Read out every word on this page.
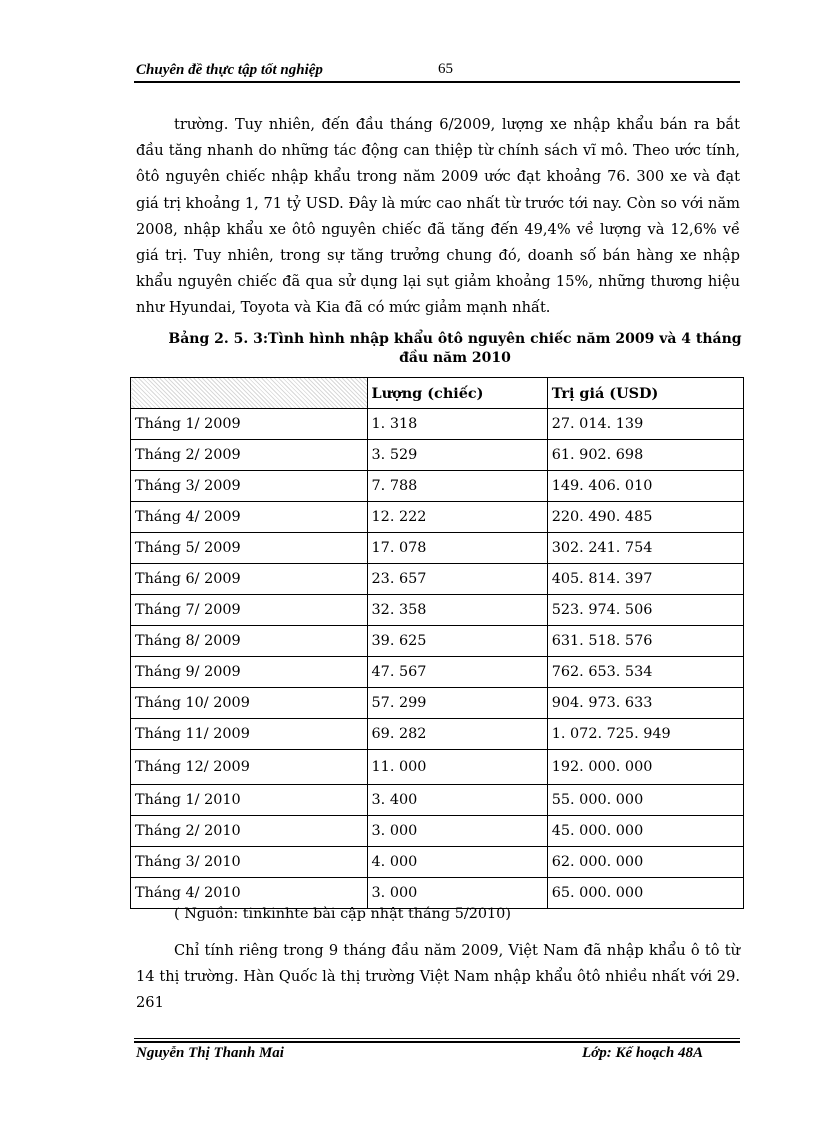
Chuyên đề thực tập tốt nghiệp	65
trường. Tuy nhiên, đến đầu tháng 6/2009, lượng xe nhập khẩu bán ra bắt đầu tăng nhanh do những tác động can thiệp từ chính sách vĩ mô. Theo ước tính, ôtô nguyên chiếc nhập khẩu trong năm 2009 ước đạt khoảng 76. 300 xe và đạt giá trị khoảng 1, 71 tỷ USD. Đây là mức cao nhất từ trước tới nay. Còn so với năm 2008, nhập khẩu xe ôtô nguyên chiếc đã tăng đến 49,4% về lượng và 12,6% về giá trị. Tuy nhiên, trong sự tăng trưởng chung đó, doanh số bán hàng xe nhập khẩu nguyên chiếc đã qua sử dụng lại sụt giảm khoảng 15%, những thương hiệu như Hyundai, Toyota và Kia đã có mức giảm mạnh nhất.
Bảng 2. 5. 3:Tình hình nhập khẩu ôtô nguyên chiếc năm 2009 và 4 tháng đầu năm 2010
	Lượng (chiếc)	Trị giá (USD)
Tháng 1/ 2009	1. 318	27. 014. 139
Tháng 2/ 2009	3. 529	61. 902. 698
Tháng 3/ 2009	7. 788	149. 406. 010
Tháng 4/ 2009	12. 222	220. 490. 485
Tháng 5/ 2009	17. 078	302. 241. 754
Tháng 6/ 2009	23. 657	405. 814. 397
Tháng 7/ 2009	32. 358	523. 974. 506
Tháng 8/ 2009	39. 625	631. 518. 576
Tháng 9/ 2009	47. 567	762. 653. 534
Tháng 10/ 2009	57. 299	904. 973. 633
Tháng 11/ 2009	69. 282	1. 072. 725. 949
Tháng 12/ 2009	11. 000	192. 000. 000
Tháng 1/ 2010	3. 400	55. 000. 000
Tháng 2/ 2010	3. 000	45. 000. 000
Tháng 3/ 2010	4. 000	62. 000. 000
Tháng 4/ 2010	3. 000	65. 000. 000
( Nguồn: tinkinhte bài cập nhật tháng 5/2010)
Chỉ tính riêng trong 9 tháng đầu năm 2009, Việt Nam đã nhập khẩu ô tô từ 14 thị trường. Hàn Quốc là thị trường Việt Nam nhập khẩu ôtô nhiều nhất với 29. 261
Nguyễn Thị Thanh Mai	Lớp: Kế hoạch 48A
